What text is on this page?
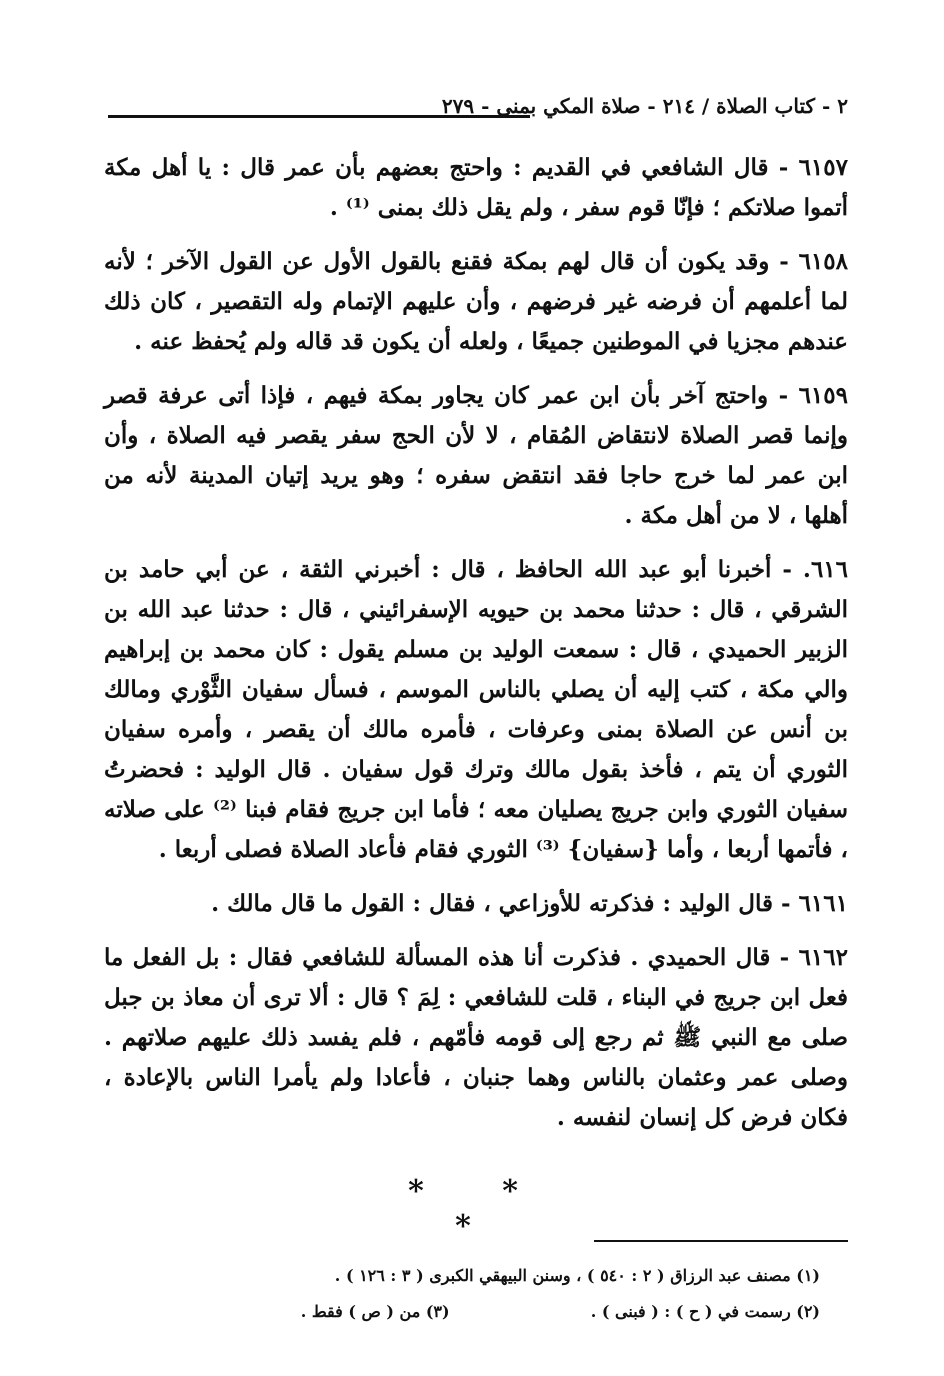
٢ - كتاب الصلاة / ٢١٤ - صلاة المكي بمنى - ٢٧٩

٦١٥٧ - قال الشافعي في القديم : واحتج بعضهم بأن عمر قال : يا أهل مكة أتموا صلاتكم ؛ فإنّا قوم سفر ، ولم يقل ذلك بمنى ⁽¹⁾ .

٦١٥٨ - وقد يكون أن قال لهم بمكة فقنع بالقول الأول عن القول الآخر ؛ لأنه لما أعلمهم أن فرضه غير فرضهم ، وأن عليهم الإتمام وله التقصير ، كان ذلك عندهم مجزيا في الموطنين جميعًا ، ولعله أن يكون قد قاله ولم يُحفظ عنه .

٦١٥٩ - واحتج آخر بأن ابن عمر كان يجاور بمكة فيهم ، فإذا أتى عرفة قصر وإنما قصر الصلاة لانتقاض المُقام ، لا لأن الحج سفر يقصر فيه الصلاة ، وأن ابن عمر لما خرج حاجا فقد انتقض سفره ؛ وهو يريد إتيان المدينة لأنه من أهلها ، لا من أهل مكة .

٦١٦. - أخبرنا أبو عبد الله الحافظ ، قال : أخبرني الثقة ، عن أبي حامد بن الشرقي ، قال : حدثنا محمد بن حيويه الإسفرائيني ، قال : حدثنا عبد الله بن الزبير الحميدي ، قال : سمعت الوليد بن مسلم يقول : كان محمد بن إبراهيم والي مكة ، كتب إليه أن يصلي بالناس الموسم ، فسأل سفيان الثَّوْري ومالك بن أنس عن الصلاة بمنى وعرفات ، فأمره مالك أن يقصر ، وأمره سفيان الثوري أن يتم ، فأخذ بقول مالك وترك قول سفيان . قال الوليد : فحضرتُ سفيان الثوري وابن جريج يصليان معه ؛ فأما ابن جريج فقام فبنا ⁽²⁾ على صلاته ، فأتمها أربعا ، وأما {سفيان} ⁽³⁾ الثوري فقام فأعاد الصلاة فصلى أربعا .

٦١٦١ - قال الوليد : فذكرته للأوزاعي ، فقال : القول ما قال مالك .

٦١٦٢ - قال الحميدي . فذكرت أنا هذه المسألة للشافعي فقال : بل الفعل ما فعل ابن جريج في البناء ، قلت للشافعي : لِمَ ؟ قال : ألا ترى أن معاذ بن جبل صلى مع النبي ﷺ ثم رجع إلى قومه فأمّهم ، فلم يفسد ذلك عليهم صلاتهم . وصلى عمر وعثمان بالناس وهما جنبان ، فأعادا ولم يأمرا الناس بالإعادة ، فكان فرض كل إنسان لنفسه .

* * *
(١) مصنف عبد الرزاق ( ٢ : ٥٤٠ ) ، وسنن البيهقي الكبرى ( ٣ : ١٢٦ ) .
(٢) رسمت في ( ح ) : ( فبنى ) .  (٣) من ( ص ) فقط .
